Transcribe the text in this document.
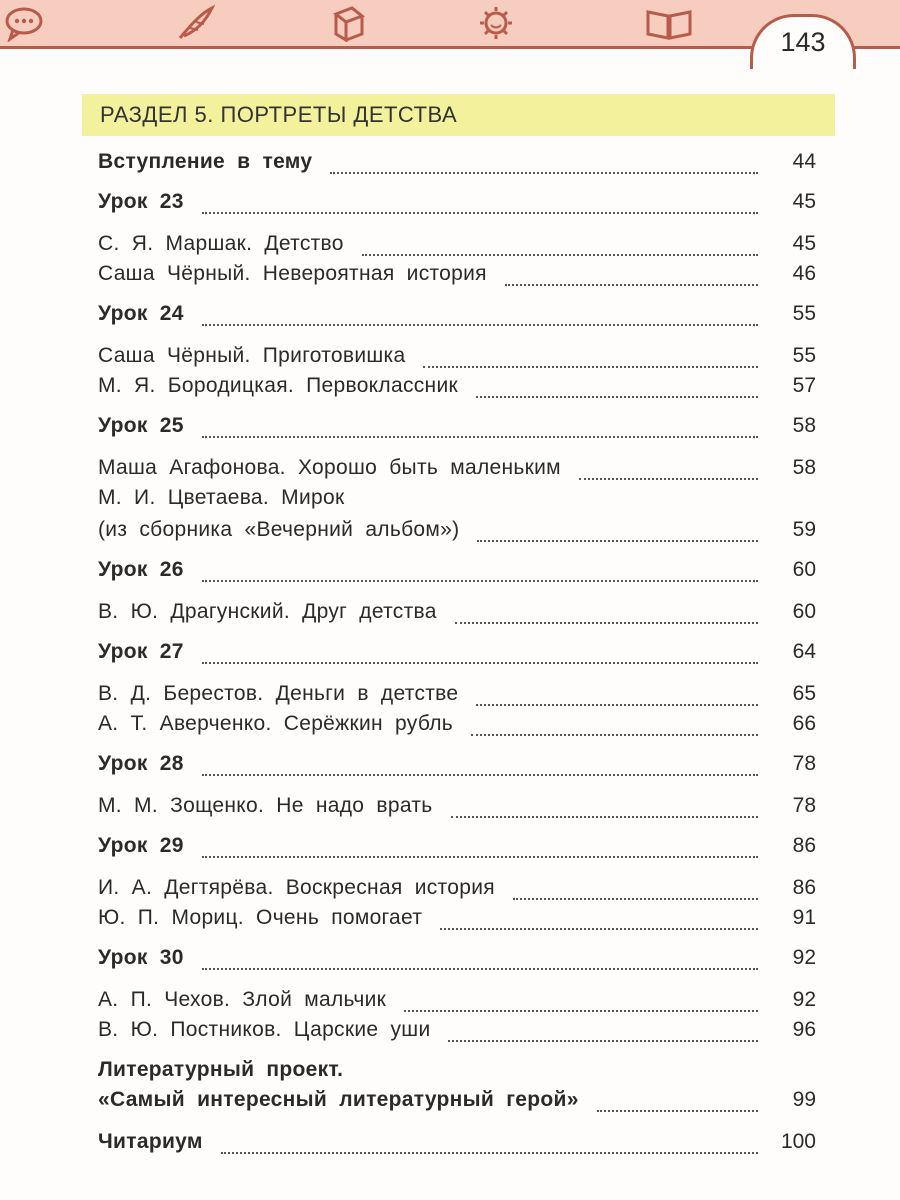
143
РАЗДЕЛ 5. ПОРТРЕТЫ ДЕТСТВА
Вступление в тему	44
Урок 23	45
С. Я. Маршак. Детство	45
Саша Чёрный. Невероятная история	46
Урок 24	55
Саша Чёрный. Приготовишка	55
М. Я. Бородицкая. Первоклассник	57
Урок 25	58
Маша Агафонова. Хорошо быть маленьким	58
М. И. Цветаева. Мирок
(из сборника «Вечерний альбом»)	59
Урок 26	60
В. Ю. Драгунский. Друг детства	60
Урок 27	64
В. Д. Берестов. Деньги в детстве	65
А. Т. Аверченко. Серёжкин рубль	66
Урок 28	78
М. М. Зощенко. Не надо врать	78
Урок 29	86
И. А. Дегтярёва. Воскресная история	86
Ю. П. Мориц. Очень помогает	91
Урок 30	92
А. П. Чехов. Злой мальчик	92
В. Ю. Постников. Царские уши	96
Литературный проект.
«Самый интересный литературный герой»	99
Читариум	100
